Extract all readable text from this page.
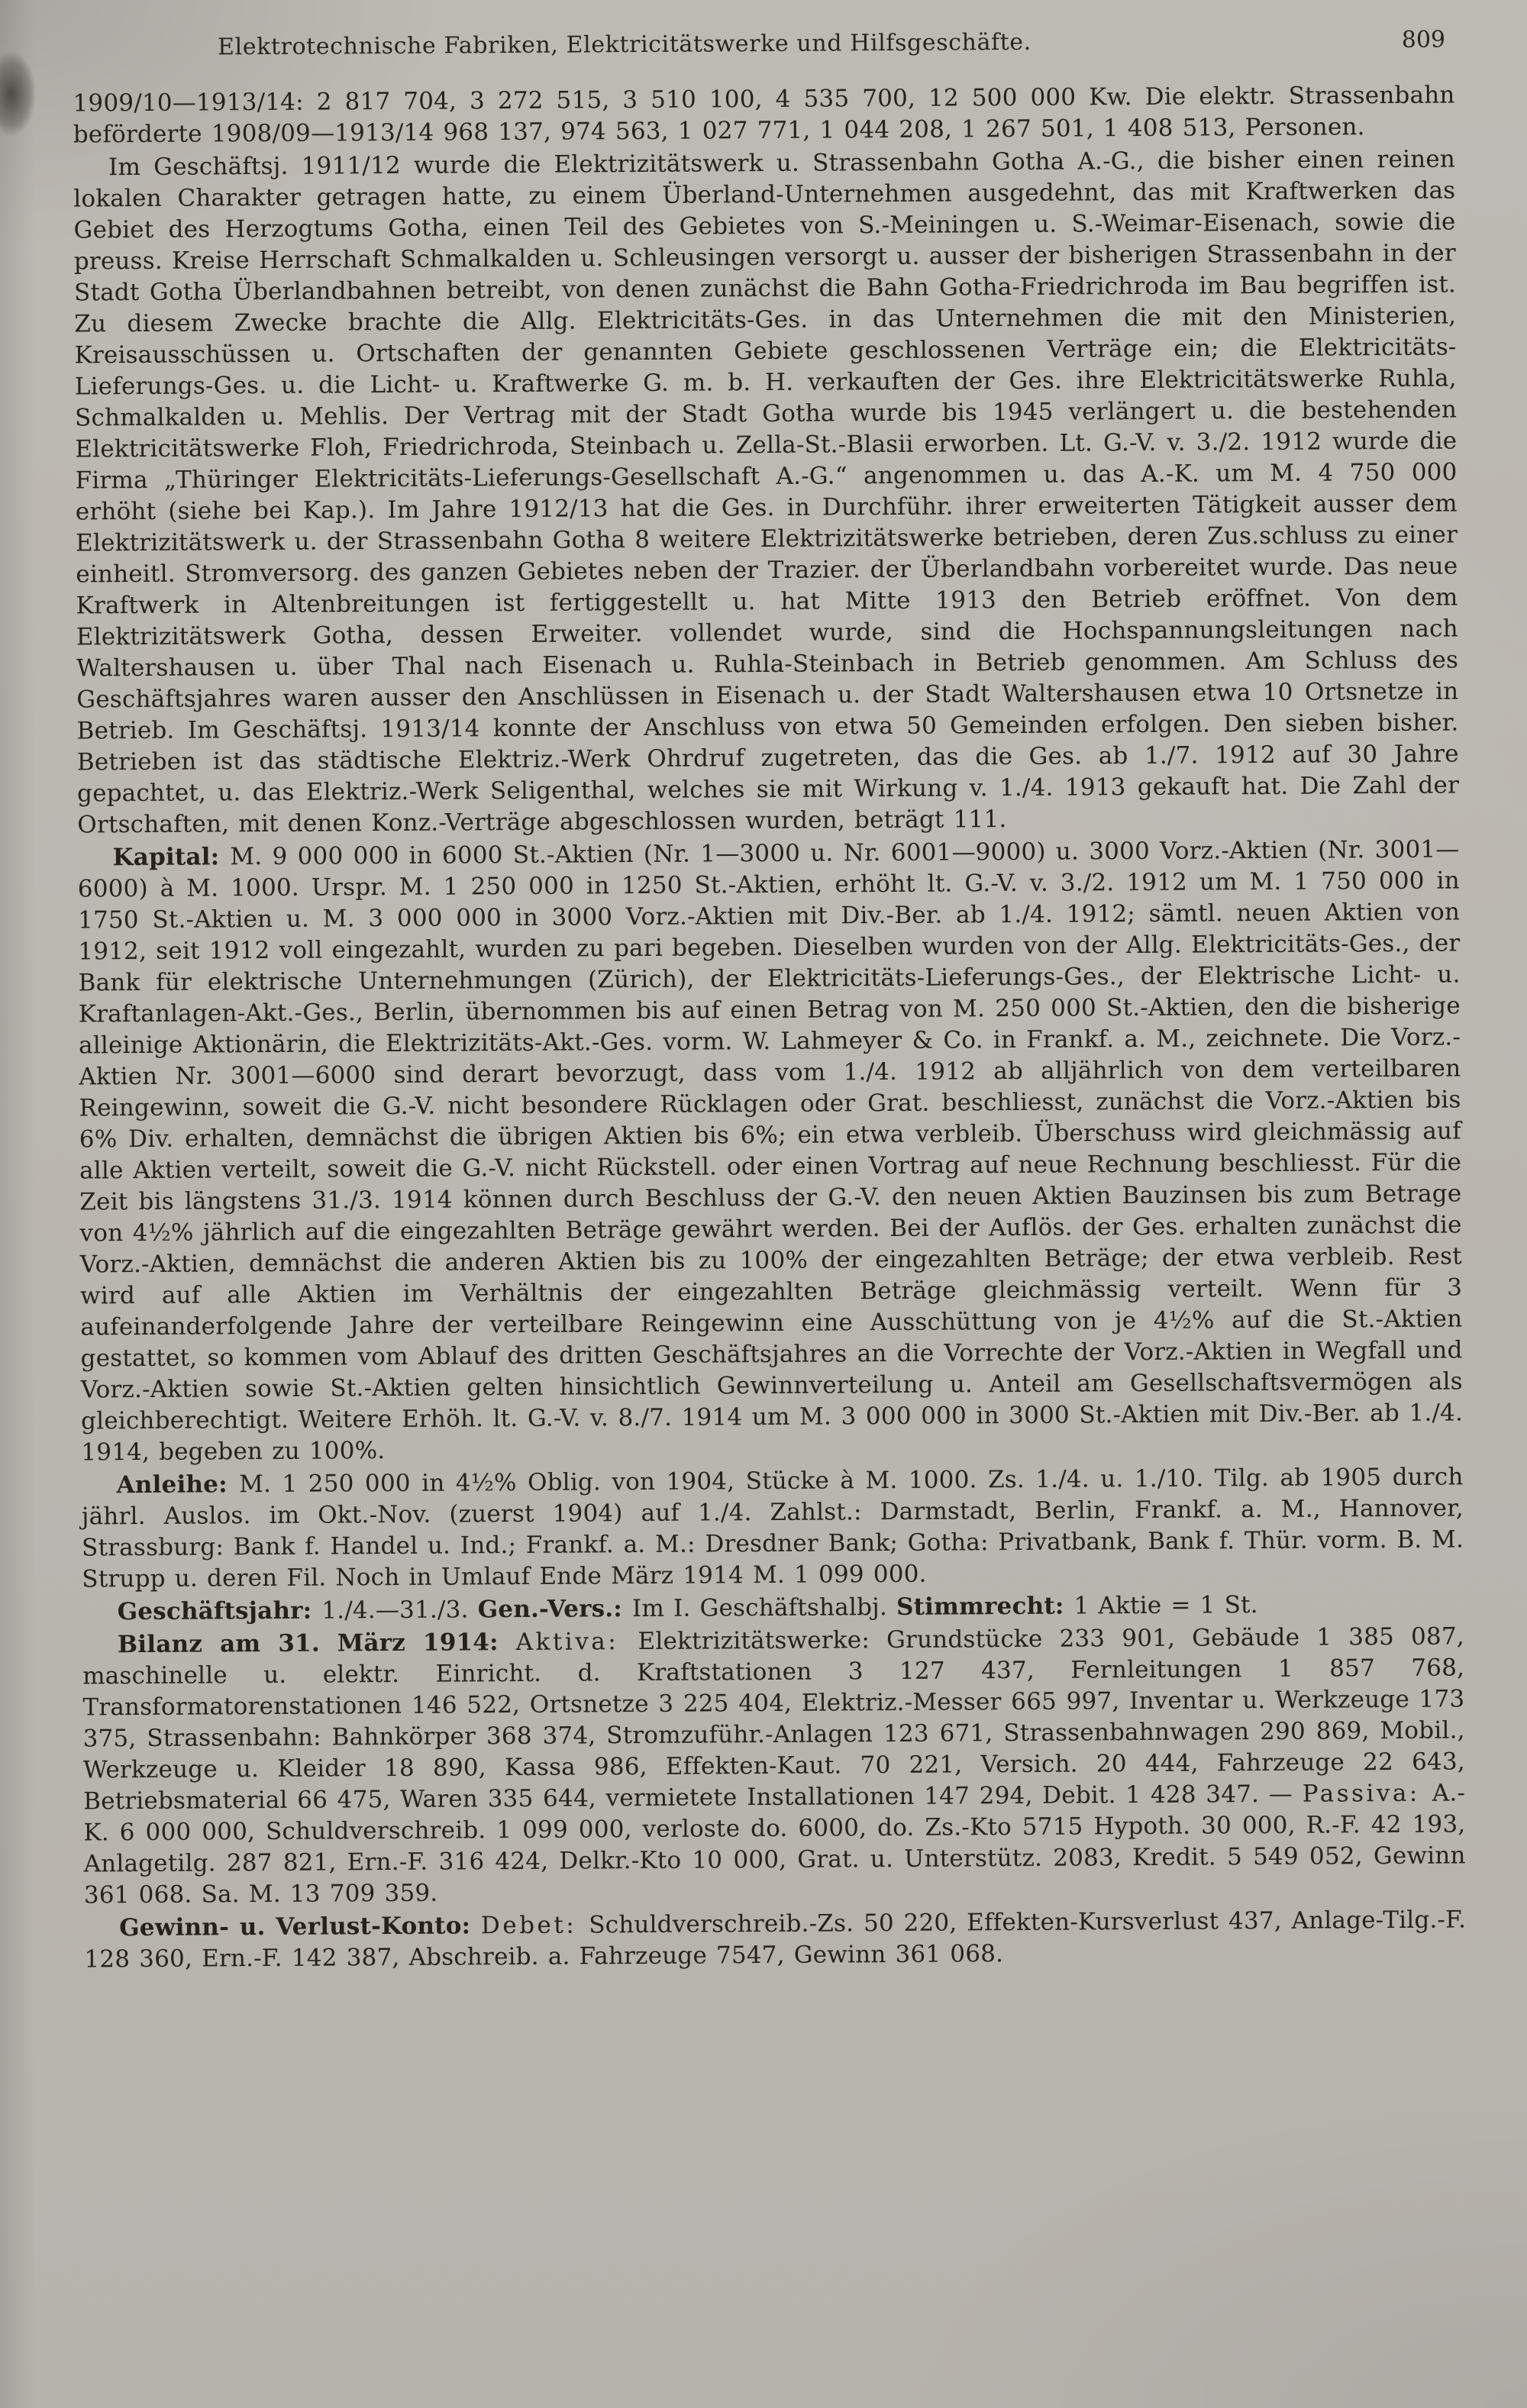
Elektrotechnische Fabriken, Elektricitätswerke und Hilfsgeschäfte.	809

1909/10—1913/14: 2 817 704, 3 272 515, 3 510 100, 4 535 700, 12 500 000 Kw. Die elektr. Strassenbahn beförderte 1908/09—1913/14 968 137, 974 563, 1 027 771, 1 044 208, 1 267 501, 1 408 513, Personen.

Im Geschäftsj. 1911/12 wurde die Elektrizitätswerk u. Strassenbahn Gotha A.-G., die bisher einen reinen lokalen Charakter getragen hatte, zu einem Überland-Unternehmen ausgedehnt, das mit Kraftwerken das Gebiet des Herzogtums Gotha, einen Teil des Gebietes von S.-Meiningen u. S.-Weimar-Eisenach, sowie die preuss. Kreise Herrschaft Schmalkalden u. Schleusingen versorgt u. ausser der bisherigen Strassenbahn in der Stadt Gotha Überlandbahnen betreibt, von denen zunächst die Bahn Gotha-Friedrichroda im Bau begriffen ist. Zu diesem Zwecke brachte die Allg. Elektricitäts-Ges. in das Unternehmen die mit den Ministerien, Kreisausschüssen u. Ortschaften der genannten Gebiete geschlossenen Verträge ein; die Elektricitäts-Lieferungs-Ges. u. die Licht- u. Kraftwerke G. m. b. H. verkauften der Ges. ihre Elektricitätswerke Ruhla, Schmalkalden u. Mehlis. Der Vertrag mit der Stadt Gotha wurde bis 1945 verlängert u. die bestehenden Elektricitätswerke Floh, Friedrichroda, Steinbach u. Zella-St.-Blasii erworben. Lt. G.-V. v. 3./2. 1912 wurde die Firma „Thüringer Elektricitäts-Lieferungs-Gesellschaft A.-G.“ angenommen u. das A.-K. um M. 4 750 000 erhöht (siehe bei Kap.). Im Jahre 1912/13 hat die Ges. in Durchführ. ihrer erweiterten Tätigkeit ausser dem Elektrizitätswerk u. der Strassenbahn Gotha 8 weitere Elektrizitätswerke betrieben, deren Zus.schluss zu einer einheitl. Stromversorg. des ganzen Gebietes neben der Trazier. der Überlandbahn vorbereitet wurde. Das neue Kraftwerk in Altenbreitungen ist fertiggestellt u. hat Mitte 1913 den Betrieb eröffnet. Von dem Elektrizitätswerk Gotha, dessen Erweiter. vollendet wurde, sind die Hochspannungsleitungen nach Waltershausen u. über Thal nach Eisenach u. Ruhla-Steinbach in Betrieb genommen. Am Schluss des Geschäftsjahres waren ausser den Anschlüssen in Eisenach u. der Stadt Waltershausen etwa 10 Ortsnetze in Betrieb. Im Geschäftsj. 1913/14 konnte der Anschluss von etwa 50 Gemeinden erfolgen. Den sieben bisher. Betrieben ist das städtische Elektriz.-Werk Ohrdruf zugetreten, das die Ges. ab 1./7. 1912 auf 30 Jahre gepachtet, u. das Elektriz.-Werk Seligenthal, welches sie mit Wirkung v. 1./4. 1913 gekauft hat. Die Zahl der Ortschaften, mit denen Konz.-Verträge abgeschlossen wurden, beträgt 111.

Kapital: M. 9 000 000 in 6000 St.-Aktien (Nr. 1—3000 u. Nr. 6001—9000) u. 3000 Vorz.-Aktien (Nr. 3001—6000) à M. 1000. Urspr. M. 1 250 000 in 1250 St.-Aktien, erhöht lt. G.-V. v. 3./2. 1912 um M. 1 750 000 in 1750 St.-Aktien u. M. 3 000 000 in 3000 Vorz.-Aktien mit Div.-Ber. ab 1./4. 1912; sämtl. neuen Aktien von 1912, seit 1912 voll eingezahlt, wurden zu pari begeben. Dieselben wurden von der Allg. Elektricitäts-Ges., der Bank für elektrische Unternehmungen (Zürich), der Elektricitäts-Lieferungs-Ges., der Elektrische Licht- u. Kraftanlagen-Akt.-Ges., Berlin, übernommen bis auf einen Betrag von M. 250 000 St.-Aktien, den die bisherige alleinige Aktionärin, die Elektrizitäts-Akt.-Ges. vorm. W. Lahmeyer & Co. in Frankf. a. M., zeichnete. Die Vorz.-Aktien Nr. 3001—6000 sind derart bevorzugt, dass vom 1./4. 1912 ab alljährlich von dem verteilbaren Reingewinn, soweit die G.-V. nicht besondere Rücklagen oder Grat. beschliesst, zunächst die Vorz.-Aktien bis 6% Div. erhalten, demnächst die übrigen Aktien bis 6%; ein etwa verbleib. Überschuss wird gleichmässig auf alle Aktien verteilt, soweit die G.-V. nicht Rückstell. oder einen Vortrag auf neue Rechnung beschliesst. Für die Zeit bis längstens 31./3. 1914 können durch Beschluss der G.-V. den neuen Aktien Bauzinsen bis zum Betrage von 4½% jährlich auf die eingezahlten Beträge gewährt werden. Bei der Auflös. der Ges. erhalten zunächst die Vorz.-Aktien, demnächst die anderen Aktien bis zu 100% der eingezahlten Beträge; der etwa verbleib. Rest wird auf alle Aktien im Verhältnis der eingezahlten Beträge gleichmässig verteilt. Wenn für 3 aufeinanderfolgende Jahre der verteilbare Reingewinn eine Ausschüttung von je 4½% auf die St.-Aktien gestattet, so kommen vom Ablauf des dritten Geschäftsjahres an die Vorrechte der Vorz.-Aktien in Wegfall und Vorz.-Aktien sowie St.-Aktien gelten hinsichtlich Gewinnverteilung u. Anteil am Gesellschaftsvermögen als gleichberechtigt. Weitere Erhöh. lt. G.-V. v. 8./7. 1914 um M. 3 000 000 in 3000 St.-Aktien mit Div.-Ber. ab 1./4. 1914, begeben zu 100%.

Anleihe: M. 1 250 000 in 4½% Oblig. von 1904, Stücke à M. 1000. Zs. 1./4. u. 1./10. Tilg. ab 1905 durch jährl. Auslos. im Okt.-Nov. (zuerst 1904) auf 1./4. Zahlst.: Darmstadt, Berlin, Frankf. a. M., Hannover, Strassburg: Bank f. Handel u. Ind.; Frankf. a. M.: Dresdner Bank; Gotha: Privatbank, Bank f. Thür. vorm. B. M. Strupp u. deren Fil. Noch in Umlauf Ende März 1914 M. 1 099 000.

Geschäftsjahr: 1./4.—31./3. Gen.-Vers.: Im I. Geschäftshalbj. Stimmrecht: 1 Aktie = 1 St.

Bilanz am 31. März 1914: Aktiva: Elektrizitätswerke: Grundstücke 233 901, Gebäude 1 385 087, maschinelle u. elektr. Einricht. d. Kraftstationen 3 127 437, Fernleitungen 1 857 768, Transformatorenstationen 146 522, Ortsnetze 3 225 404, Elektriz.-Messer 665 997, Inventar u. Werkzeuge 173 375, Strassenbahn: Bahnkörper 368 374, Stromzuführ.-Anlagen 123 671, Strassenbahnwagen 290 869, Mobil., Werkzeuge u. Kleider 18 890, Kassa 986, Effekten-Kaut. 70 221, Versich. 20 444, Fahrzeuge 22 643, Betriebsmaterial 66 475, Waren 335 644, vermietete Installationen 147 294, Debit. 1 428 347. — Passiva: A.-K. 6 000 000, Schuldverschreib. 1 099 000, verloste do. 6000, do. Zs.-Kto 5715 Hypoth. 30 000, R.-F. 42 193, Anlagetilg. 287 821, Ern.-F. 316 424, Delkr.-Kto 10 000, Grat. u. Unterstütz. 2083, Kredit. 5 549 052, Gewinn 361 068. Sa. M. 13 709 359.

Gewinn- u. Verlust-Konto: Debet: Schuldverschreib.-Zs. 50 220, Effekten-Kursverlust 437, Anlage-Tilg.-F. 128 360, Ern.-F. 142 387, Abschreib. a. Fahrzeuge 7547, Gewinn 361 068.
